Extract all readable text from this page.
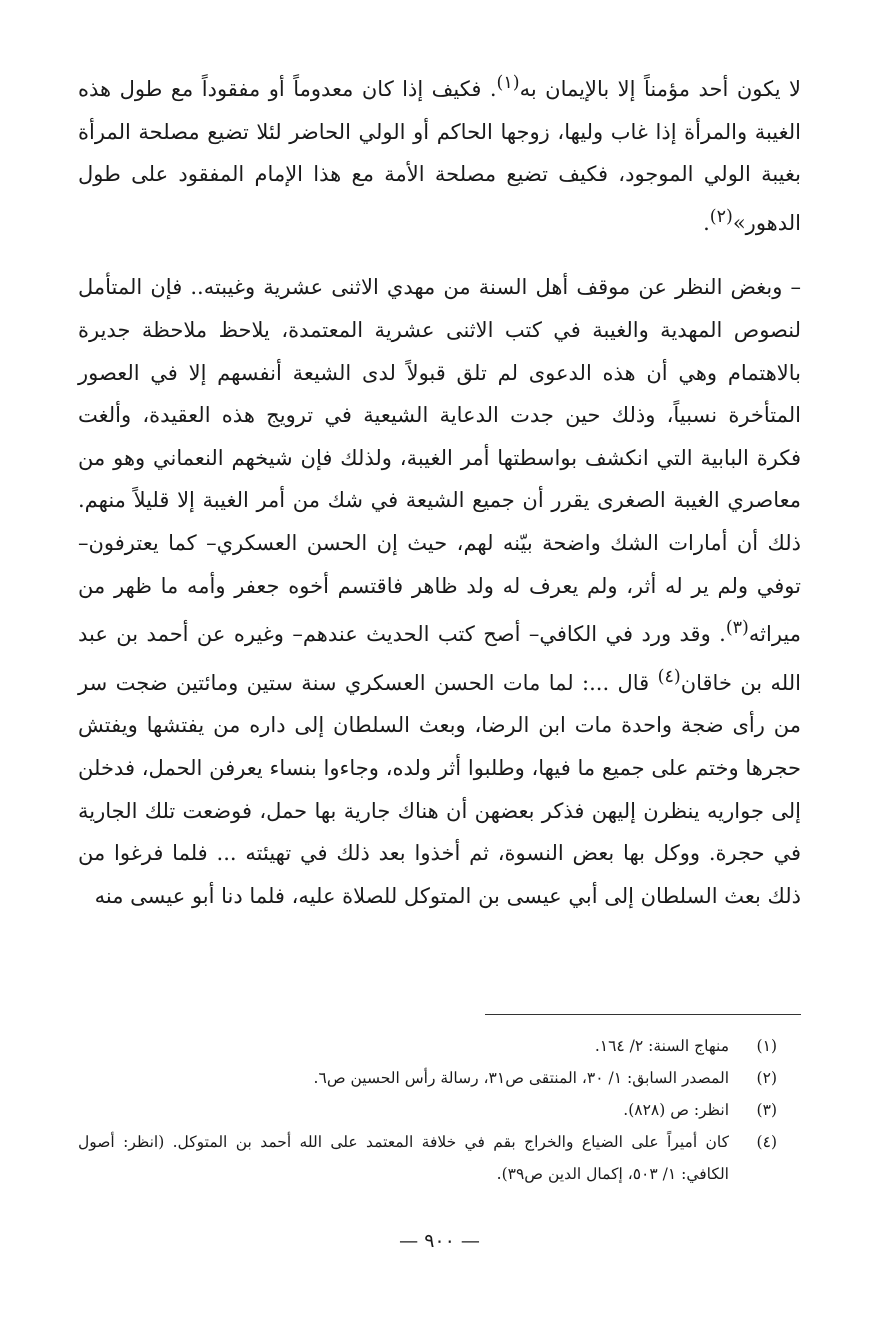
لا يكون أحد مؤمناً إلا بالإيمان به$^{(١)}$. فكيف إذا كان معدوماً أو مفقوداً مع طول هذه الغيبة والمرأة إذا غاب وليها، زوجها الحاكم أو الولي الحاضر لئلا تضيع مصلحة المرأة بغيبة الولي الموجود، فكيف تضيع مصلحة الأمة مع هذا الإمام المفقود على طول الدهور»$^{(٢)}$.

– وبغض النظر عن موقف أهل السنة من مهدي الاثنى عشرية وغيبته.. فإن المتأمل لنصوص المهدية والغيبة في كتب الاثنى عشرية المعتمدة، يلاحظ ملاحظة جديرة بالاهتمام وهي أن هذه الدعوى لم تلق قبولاً لدى الشيعة أنفسهم إلا في العصور المتأخرة نسبياً، وذلك حين جدت الدعاية الشيعية في ترويج هذه العقيدة، وألغت فكرة البابية التي انكشف بواسطتها أمر الغيبة، ولذلك فإن شيخهم النعماني وهو من معاصري الغيبة الصغرى يقرر أن جميع الشيعة في شك من أمر الغيبة إلا قليلاً منهم. ذلك أن أمارات الشك واضحة بيّنه لهم، حيث إن الحسن العسكري– كما يعترفون– توفي ولم ير له أثر، ولم يعرف له ولد ظاهر فاقتسم أخوه جعفر وأمه ما ظهر من ميراثه$^{(٣)}$. وقد ورد في الكافي– أصح كتب الحديث عندهم– وغيره عن أحمد بن عبد الله بن خاقان$^{(٤)}$ قال ...: لما مات الحسن العسكري سنة ستين ومائتين ضجت سر من رأى ضجة واحدة مات ابن الرضا، وبعث السلطان إلى داره من يفتشها ويفتش حجرها وختم على جميع ما فيها، وطلبوا أثر ولده، وجاءوا بنساء يعرفن الحمل، فدخلن إلى جواريه ينظرن إليهن فذكر بعضهن أن هناك جارية بها حمل، فوضعت تلك الجارية في حجرة. ووكل بها بعض النسوة، ثم أخذوا بعد ذلك في تهيئته ... فلما فرغوا من ذلك بعث السلطان إلى أبي عيسى بن المتوكل للصلاة عليه، فلما دنا أبو عيسى منه

(١)
منهاج السنة: ٢/ ١٦٤.
(٢)
المصدر السابق: ١/ ٣٠، المنتقى ص٣١، رسالة رأس الحسين ص٦.
(٣)
انظر: ص (٨٢٨).
(٤)
كان أميراً على الضياع والخراج بقم في خلافة المعتمد على الله أحمد بن المتوكل. (انظر: أصول الكافي: ١/ ٥٠٣، إكمال الدين ص٣٩).
— ٩٠٠ —
